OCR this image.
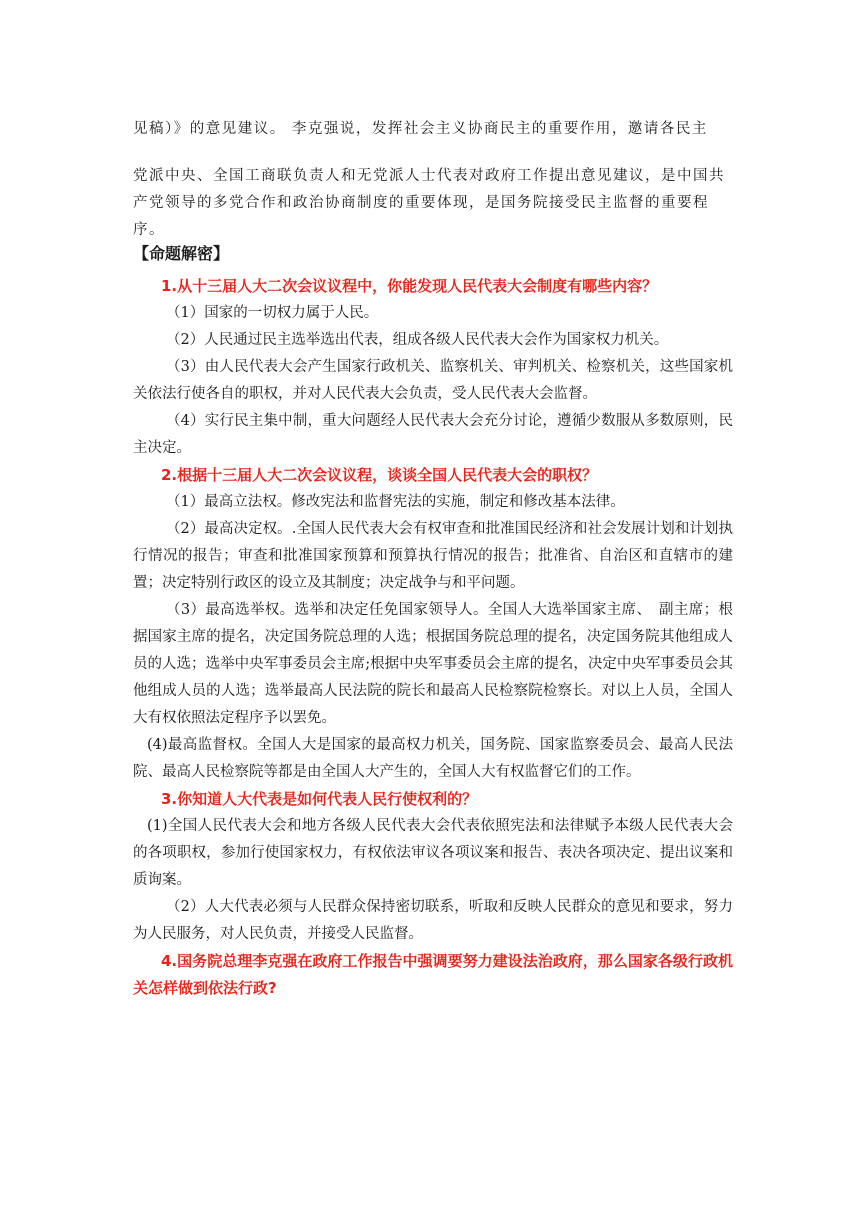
见稿）》的意见建议。 李克强说，发挥社会主义协商民主的重要作用，邀请各民主

党派中央、全国工商联负责人和无党派人士代表对政府工作提出意见建议，是中国共产党领导的多党合作和政治协商制度的重要体现，是国务院接受民主监督的重要程序。

【命题解密】

1.从十三届人大二次会议议程中，你能发现人民代表大会制度有哪些内容？

（1）国家的一切权力属于人民。

（2）人民通过民主选举选出代表，组成各级人民代表大会作为国家权力机关。

（3）由人民代表大会产生国家行政机关、监察机关、审判机关、检察机关，这些国家机关依法行使各自的职权，并对人民代表大会负责，受人民代表大会监督。

（4）实行民主集中制，重大问题经人民代表大会充分讨论，遵循少数服从多数原则，民主决定。

2.根据十三届人大二次会议议程，谈谈全国人民代表大会的职权？

（1）最高立法权。修改宪法和监督宪法的实施，制定和修改基本法律。

（2）最高决定权。.全国人民代表大会有权审查和批准国民经济和社会发展计划和计划执行情况的报告；审查和批准国家预算和预算执行情况的报告；批准省、自治区和直辖市的建置；决定特别行政区的设立及其制度；决定战争与和平问题。

（3）最高选举权。选举和决定任免国家领导人。全国人大选举国家主席、　副主席；根据国家主席的提名，决定国务院总理的人选；根据国务院总理的提名，决定国务院其他组成人员的人选；选举中央军事委员会主席;根据中央军事委员会主席的提名，决定中央军事委员会其他组成人员的人选；选举最高人民法院的院长和最高人民检察院检察长。对以上人员，全国人大有权依照法定程序予以罢免。

(4)最高监督权。全国人大是国家的最高权力机关，国务院、国家监察委员会、最高人民法院、最高人民检察院等都是由全国人大产生的，全国人大有权监督它们的工作。

3.你知道人大代表是如何代表人民行使权利的？

(1)全国人民代表大会和地方各级人民代表大会代表依照宪法和法律赋予本级人民代表大会的各项职权，参加行使国家权力，有权依法审议各项议案和报告、表决各项决定、提出议案和质询案。

（2）人大代表必须与人民群众保持密切联系，听取和反映人民群众的意见和要求，努力为人民服务，对人民负责，并接受人民监督。

4.国务院总理李克强在政府工作报告中强调要努力建设法治政府，那么国家各级行政机关怎样做到依法行政?
